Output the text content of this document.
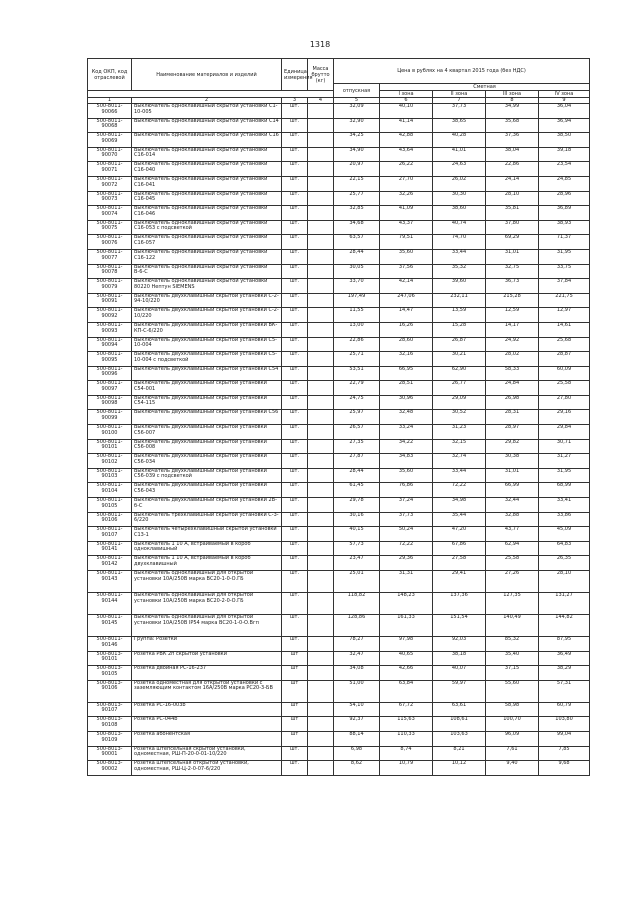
1318
Код ОКП, код отраслевой	Наименование материалов и изделий	Единица измерения	Масса брутто (кг)	Цена в рублях на 4 квартал 2015 года (без НДС)				
				отпускная	Сметная			
					I зона	II зона	III зона	IV зона
1	2	3	4	5	6	7	8	9
500-8011-90066	Выключатель одноклавишный скрытой установки С1-10-005	шт.		32,09	40,10	37,73	34,99	36,04
500-8011-90068	Выключатель одноклавишный скрытой установки С14	шт.		32,90	41,14	38,65	35,68	36,94
500-8011-90069	Выключатель одноклавишный скрытой установки С16	шт.		34,25	42,88	40,28	37,36	38,50
500-8011-90070	Выключатель одноклавишный скрытой установки С16-014	шт.		34,90	43,64	41,01	38,04	39,18
500-8011-90071	Выключатель одноклавишный скрытой установки С16-040	шт.		20,97	26,22	24,63	22,86	23,54
500-8011-90072	Выключатель одноклавишный скрытой установки С16-041	шт.		22,15	27,70	26,02	24,14	24,85
500-8011-90073	Выключатель одноклавишный скрытой установки С16-045	шт.		25,77	32,26	30,30	28,10	28,96
500-8011-90074	Выключатель одноклавишный скрытой установки С16-046	шт.		32,85	41,09	38,60	35,81	36,89
500-8011-90075	Выключатель одноклавишный скрытой установки С16-053 с подсветкой	шт.		34,68	43,37	40,74	37,80	38,93
500-8011-90076	Выключатель одноклавишный скрытой установки С16-057	шт.		63,57	79,51	74,70	69,29	71,37
500-8011-90077	Выключатель одноклавишный скрытой установки С16-122	шт.		28,44	35,60	33,44	31,01	31,95
500-8011-90078	Выключатель одноклавишный скрытой установки В-6-С	шт.		30,05	37,56	35,32	32,75	33,75
500-8011-90079	Выключатель одноклавишный скрытой установки 80220 Нептун SIEMENS	шт.		33,70	42,14	39,60	36,73	37,84
500-8011-90091	Выключатель двухклавишный скрытой установки С-2-94-10/220	шт.		197,49	247,06	232,11	215,28	221,75
500-8011-90092	Выключатель двухклавишный скрытой установки С-2-10/220	шт.		11,55	14,47	13,59	12,59	12,97
500-8011-90093	Выключатель двухклавишный скрытой установки ВК-КП-С-6/220	шт.		13,00	16,26	15,28	14,17	14,61
500-8011-90094	Выключатель двухклавишный скрытой установки С5-10-004	шт.		22,86	28,60	26,87	24,92	25,68
500-8011-90095	Выключатель двухклавишный скрытой установки С5-10-004 с подсветкой	шт.		25,71	32,16	30,21	28,02	28,87
500-8011-90096	Выключатель двухклавишный скрытой установки С54	шт.		53,51	66,95	62,90	58,33	60,09
500-8011-90097	Выключатель двухклавишный скрытой установки С54-001	шт.		22,79	28,51	26,77	24,84	25,58
500-8011-90098	Выключатель двухклавишный скрытой установки С54-115	шт.		24,75	30,96	29,09	26,98	27,80
500-8011-90099	Выключатель двухклавишный скрытой установки С56	шт.		25,97	32,48	30,52	28,31	29,16
500-8011-90100	Выключатель двухклавишный скрытой установки С56-007	шт.		26,57	33,24	31,23	28,97	29,84
500-8011-90101	Выключатель двухклавишный скрытой установки С56-008	шт.		27,35	34,22	32,15	29,82	30,71
500-8011-90102	Выключатель двухклавишный скрытой установки С56-034	шт.		27,87	34,83	32,74	30,38	31,27
500-8011-90103	Выключатель двухклавишный скрытой установки С56-039 с подсветкой	шт.		28,44	35,60	33,44	31,01	31,95
500-8011-90104	Выключатель двухклавишный скрытой установки С56-043	шт.		61,45	76,86	72,22	66,99	68,99
500-8011-90105	Выключатель двухклавишный скрытой установки 2В-б-С	шт.		29,78	37,24	34,98	32,44	33,41
500-8011-90106	Выключатель трехклавишный скрытой установки С-3-6/220	шт.		30,16	37,73	35,44	32,88	33,86
500-8011-90107	Выключатель четырехклавишный скрытой установки С13-1	шт.		40,15	50,24	47,20	43,77	45,09
500-8011-90141	Выключатель 1 10 А, встраиваемый в короб одноклавишный	шт.		57,73	72,22	67,86	62,94	64,83
500-8011-90142	Выключатель 1 10 А, встраиваемый в короб двухклавишный	шт.		23,47	29,36	27,58	25,58	26,35
500-8011-90143	Выключатель одноклавишный для открытой установки 10А/250В марка ВС20-1-0-О.ГБ	шт.		25,01	31,31	29,41	27,26	28,10
500-8011-90144	Выключатель одноклавишный для открытой установки 10А/250В марка ВС20-2-0-О.ГБ	шт.		118,82	148,23	137,36	127,35	131,27
500-8011-90145	Выключатель одноклавишный для открытой установки 10А/250В IP54 марка ВС20-1-0-О.Вгп	шт.		128,86	161,33	151,54	140,49	144,82
500-8011-90146	Группа: Розетки	шт.		78,27	97,98	92,03	85,32	87,95
500-8013-90101	Розетка РВК 2п скрытой установки	шт		32,47	40,65	38,18	35,40	36,49
500-8013-90105	Розетка двойная РС-16-237	шт		34,08	42,66	40,07	37,15	38,29
500-8013-90106	Розетка одноместная для открытой установки с заземляющим контактом 16А/250В марка РС20-3-БВ	шт		51,00	63,84	59,97	55,60	57,31
500-8013-90107	Розетка РС-16-003b	шт		54,10	67,72	63,61	58,98	60,79
500-8013-90108	Розетка РС-044b	шт		92,37	115,63	108,61	100,70	103,80
500-8013-90109	Розетка абонентская	шт		88,14	110,33	103,63	96,09	99,04
500-8013-90001	Розетка штепсельная скрытой установки, одноместная, РШ-П-20-0-01-10/220	шт.		6,98	8,74	8,21	7,61	7,85
500-8013-90002	Розетка штепсельная открытой установки, одноместная, РШ-Ц-2-0-07-6/220	шт.		8,62	10,79	10,12	9,40	9,68
